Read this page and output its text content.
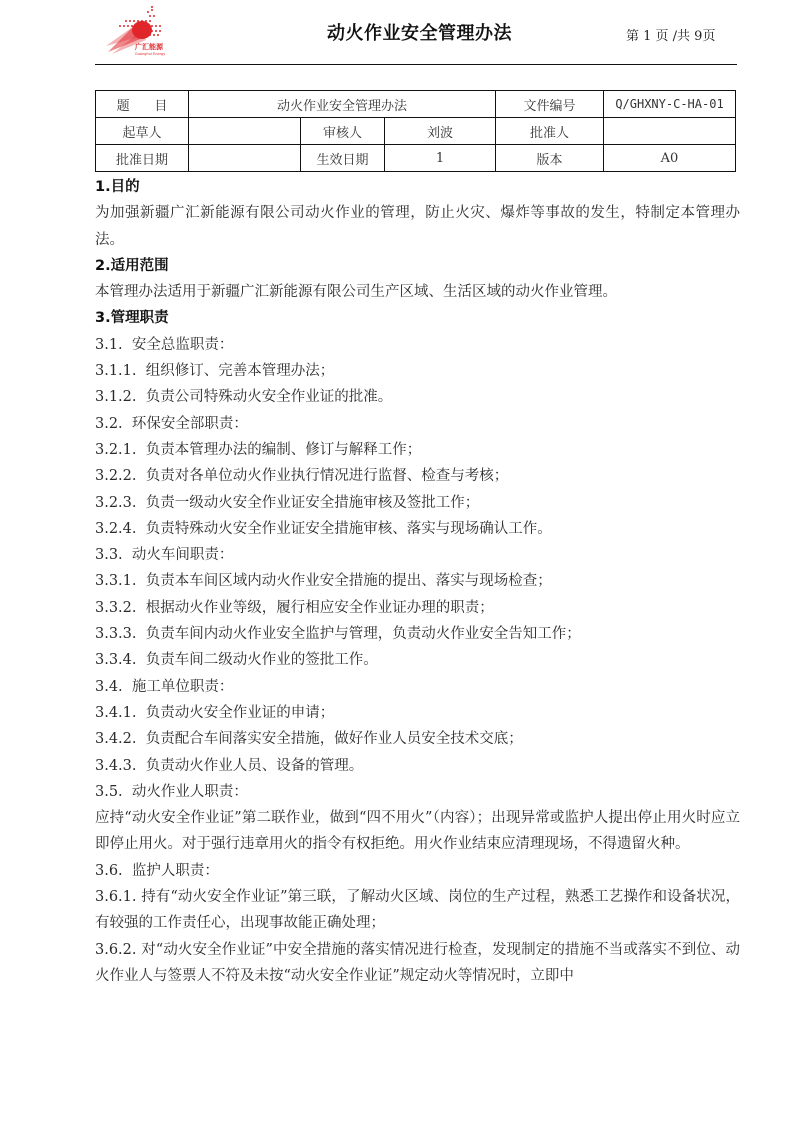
广汇能源
Guanghui Energy
动火作业安全管理办法	第 1 页 /共 9页
题      目	动火作业安全管理办法			文件编号	Q/GHXNY-C-HA-01
起草人		审核人	刘波	批准人	
批准日期		生效日期	1	版本	A0

1.目的

为加强新疆广汇新能源有限公司动火作业的管理，防止火灾、爆炸等事故的发生，特制定本管理办法。

2.适用范围

本管理办法适用于新疆广汇新能源有限公司生产区域、生活区域的动火作业管理。

3.管理职责

3.1.  安全总监职责：

3.1.1.  组织修订、完善本管理办法；

3.1.2.  负责公司特殊动火安全作业证的批准。

3.2.  环保安全部职责：

3.2.1.  负责本管理办法的编制、修订与解释工作；

3.2.2.  负责对各单位动火作业执行情况进行监督、检查与考核；

3.2.3.  负责一级动火安全作业证安全措施审核及签批工作；

3.2.4.  负责特殊动火安全作业证安全措施审核、落实与现场确认工作。

3.3.  动火车间职责：

3.3.1.  负责本车间区域内动火作业安全措施的提出、落实与现场检查；

3.3.2.  根据动火作业等级，履行相应安全作业证办理的职责；

3.3.3.  负责车间内动火作业安全监护与管理，负责动火作业安全告知工作；

3.3.4.  负责车间二级动火作业的签批工作。

3.4.  施工单位职责：

3.4.1.  负责动火安全作业证的申请；

3.4.2.  负责配合车间落实安全措施，做好作业人员安全技术交底；

3.4.3.  负责动火作业人员、设备的管理。

3.5.  动火作业人职责：

应持“动火安全作业证”第二联作业，做到“四不用火”（内容）；出现异常或监护人提出停止用火时应立即停止用火。对于强行违章用火的指令有权拒绝。用火作业结束应清理现场，不得遗留火种。

3.6.  监护人职责：

3.6.1. 持有“动火安全作业证”第三联，了解动火区域、岗位的生产过程，熟悉工艺操作和设备状况，有较强的工作责任心，出现事故能正确处理；

3.6.2. 对“动火安全作业证”中安全措施的落实情况进行检查，发现制定的措施不当或落实不到位、动火作业人与签票人不符及未按“动火安全作业证”规定动火等情况时，立即中
